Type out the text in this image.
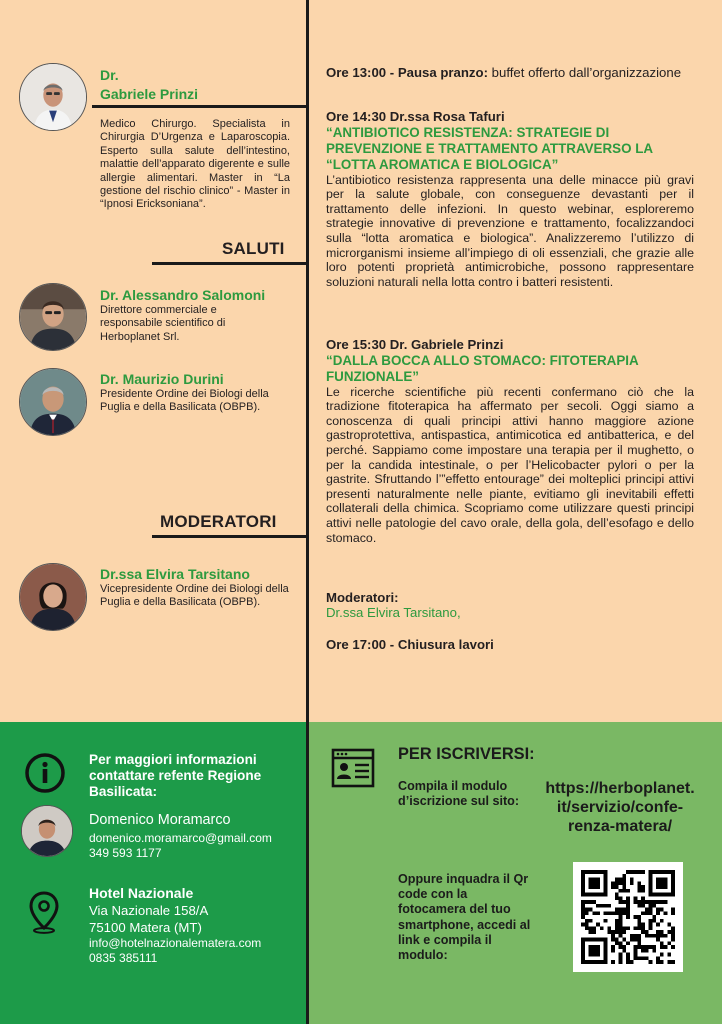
Dr.
Gabriele Prinzi
Medico Chirurgo. Specialista in Chirurgia D’Urgenza e Laparoscopia. Esperto sulla salute dell’intestino, malattie dell’apparato digerente e sulle allergie alimentari. Master in “La gestione del rischio clinico” - Master in “Ipnosi Ericksoniana”.
SALUTI
Dr. Alessandro Salomoni
Direttore commerciale e responsabile scientifico di Herboplanet Srl.
Dr. Maurizio Durini
Presidente Ordine dei Biologi della Puglia e della Basilicata (OBPB).
MODERATORI
Dr.ssa Elvira Tarsitano
Vicepresidente Ordine dei Biologi della Puglia e della Basilicata (OBPB).
Ore 13:00 - Pausa pranzo: buffet offerto dall’organizzazione
Ore 14:30 Dr.ssa Rosa Tafuri
“ANTIBIOTICO RESISTENZA: STRATEGIE DI PREVENZIONE E TRATTAMENTO ATTRAVERSO LA “LOTTA AROMATICA E BIOLOGICA”
L’antibiotico resistenza rappresenta una delle minacce più gravi per la salute globale, con conseguenze devastanti per il trattamento delle infezioni. In questo webinar, esploreremo strategie innovative di prevenzione e trattamento, focalizzandoci sulla “lotta aromatica e biologica”. Analizzeremo l’utilizzo di microrganismi insieme all’impiego di oli essenziali, che grazie alle loro potenti proprietà antimicrobiche, possono rappresentare soluzioni naturali nella lotta contro i batteri resistenti.
Ore 15:30 Dr. Gabriele Prinzi
“DALLA BOCCA ALLO STOMACO: FITOTERAPIA FUNZIONALE”
Le ricerche scientifiche più recenti confermano ciò che la tradizione fitoterapica ha affermato per secoli. Oggi siamo a conoscenza di quali principi attivi hanno maggiore azione gastroprotettiva, antispastica, antimicotica ed antibatterica, e del perché. Sappiamo come impostare una terapia per il mughetto, o per la candida intestinale, o per l’Helicobacter pylori o per la gastrite. Sfruttando l’”effetto entourage” dei molteplici principi attivi presenti naturalmente nelle piante, evitiamo gli inevitabili effetti collaterali della chimica. Scopriamo come utilizzare questi principi attivi nelle patologie del cavo orale, della gola, dell’esofago e dello stomaco.
Moderatori:
Dr.ssa Elvira Tarsitano,
Ore 17:00 - Chiusura lavori
Per maggiori informazioni contattare refente Regione Basilicata:
Domenico Moramarco
domenico.moramarco@gmail.com
349 593 1177
Hotel Nazionale
Via Nazionale 158/A
75100 Matera (MT)
info@hotelnazionalematera.com
0835 385111
PER ISCRIVERSI:
Compila il modulo d’iscrizione sul sito:
https://herboplanet.
it/servizio/confe-
renza-matera/
Oppure inquadra il Qr code con la fotocamera del tuo smartphone, accedi al link e compila il modulo:
